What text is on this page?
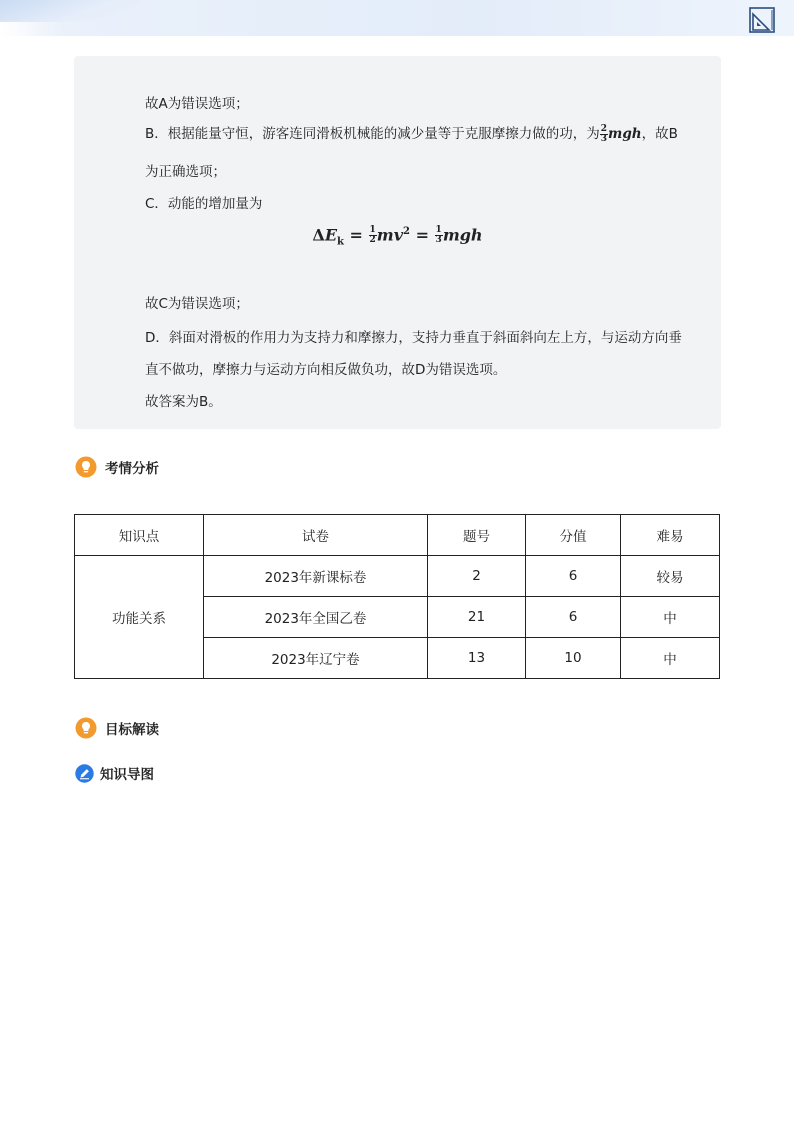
故A为错误选项；
B．根据能量守恒，游客连同滑板机械能的减少量等于克服摩擦力做的功，为 $\frac{2}{3}$ mgh，故B
为正确选项；
C．动能的增加量为
$\Delta E_k = \frac{1}{2} mv^2 = \frac{1}{3}$ mgh
故C为错误选项；
D．斜面对滑板的作用力为支持力和摩擦力，支持力垂直于斜面斜向左上方，与运动方向垂
直不做功，摩擦力与运动方向相反做负功，故D为错误选项。
故答案为B。
考情分析
知识点	试卷	题号	分值	难易
功能关系	2023年新课标卷	2	6	较易
	2023年全国乙卷	21	6	中
	2023年辽宁卷	13	10	中
目标解读
知识导图
